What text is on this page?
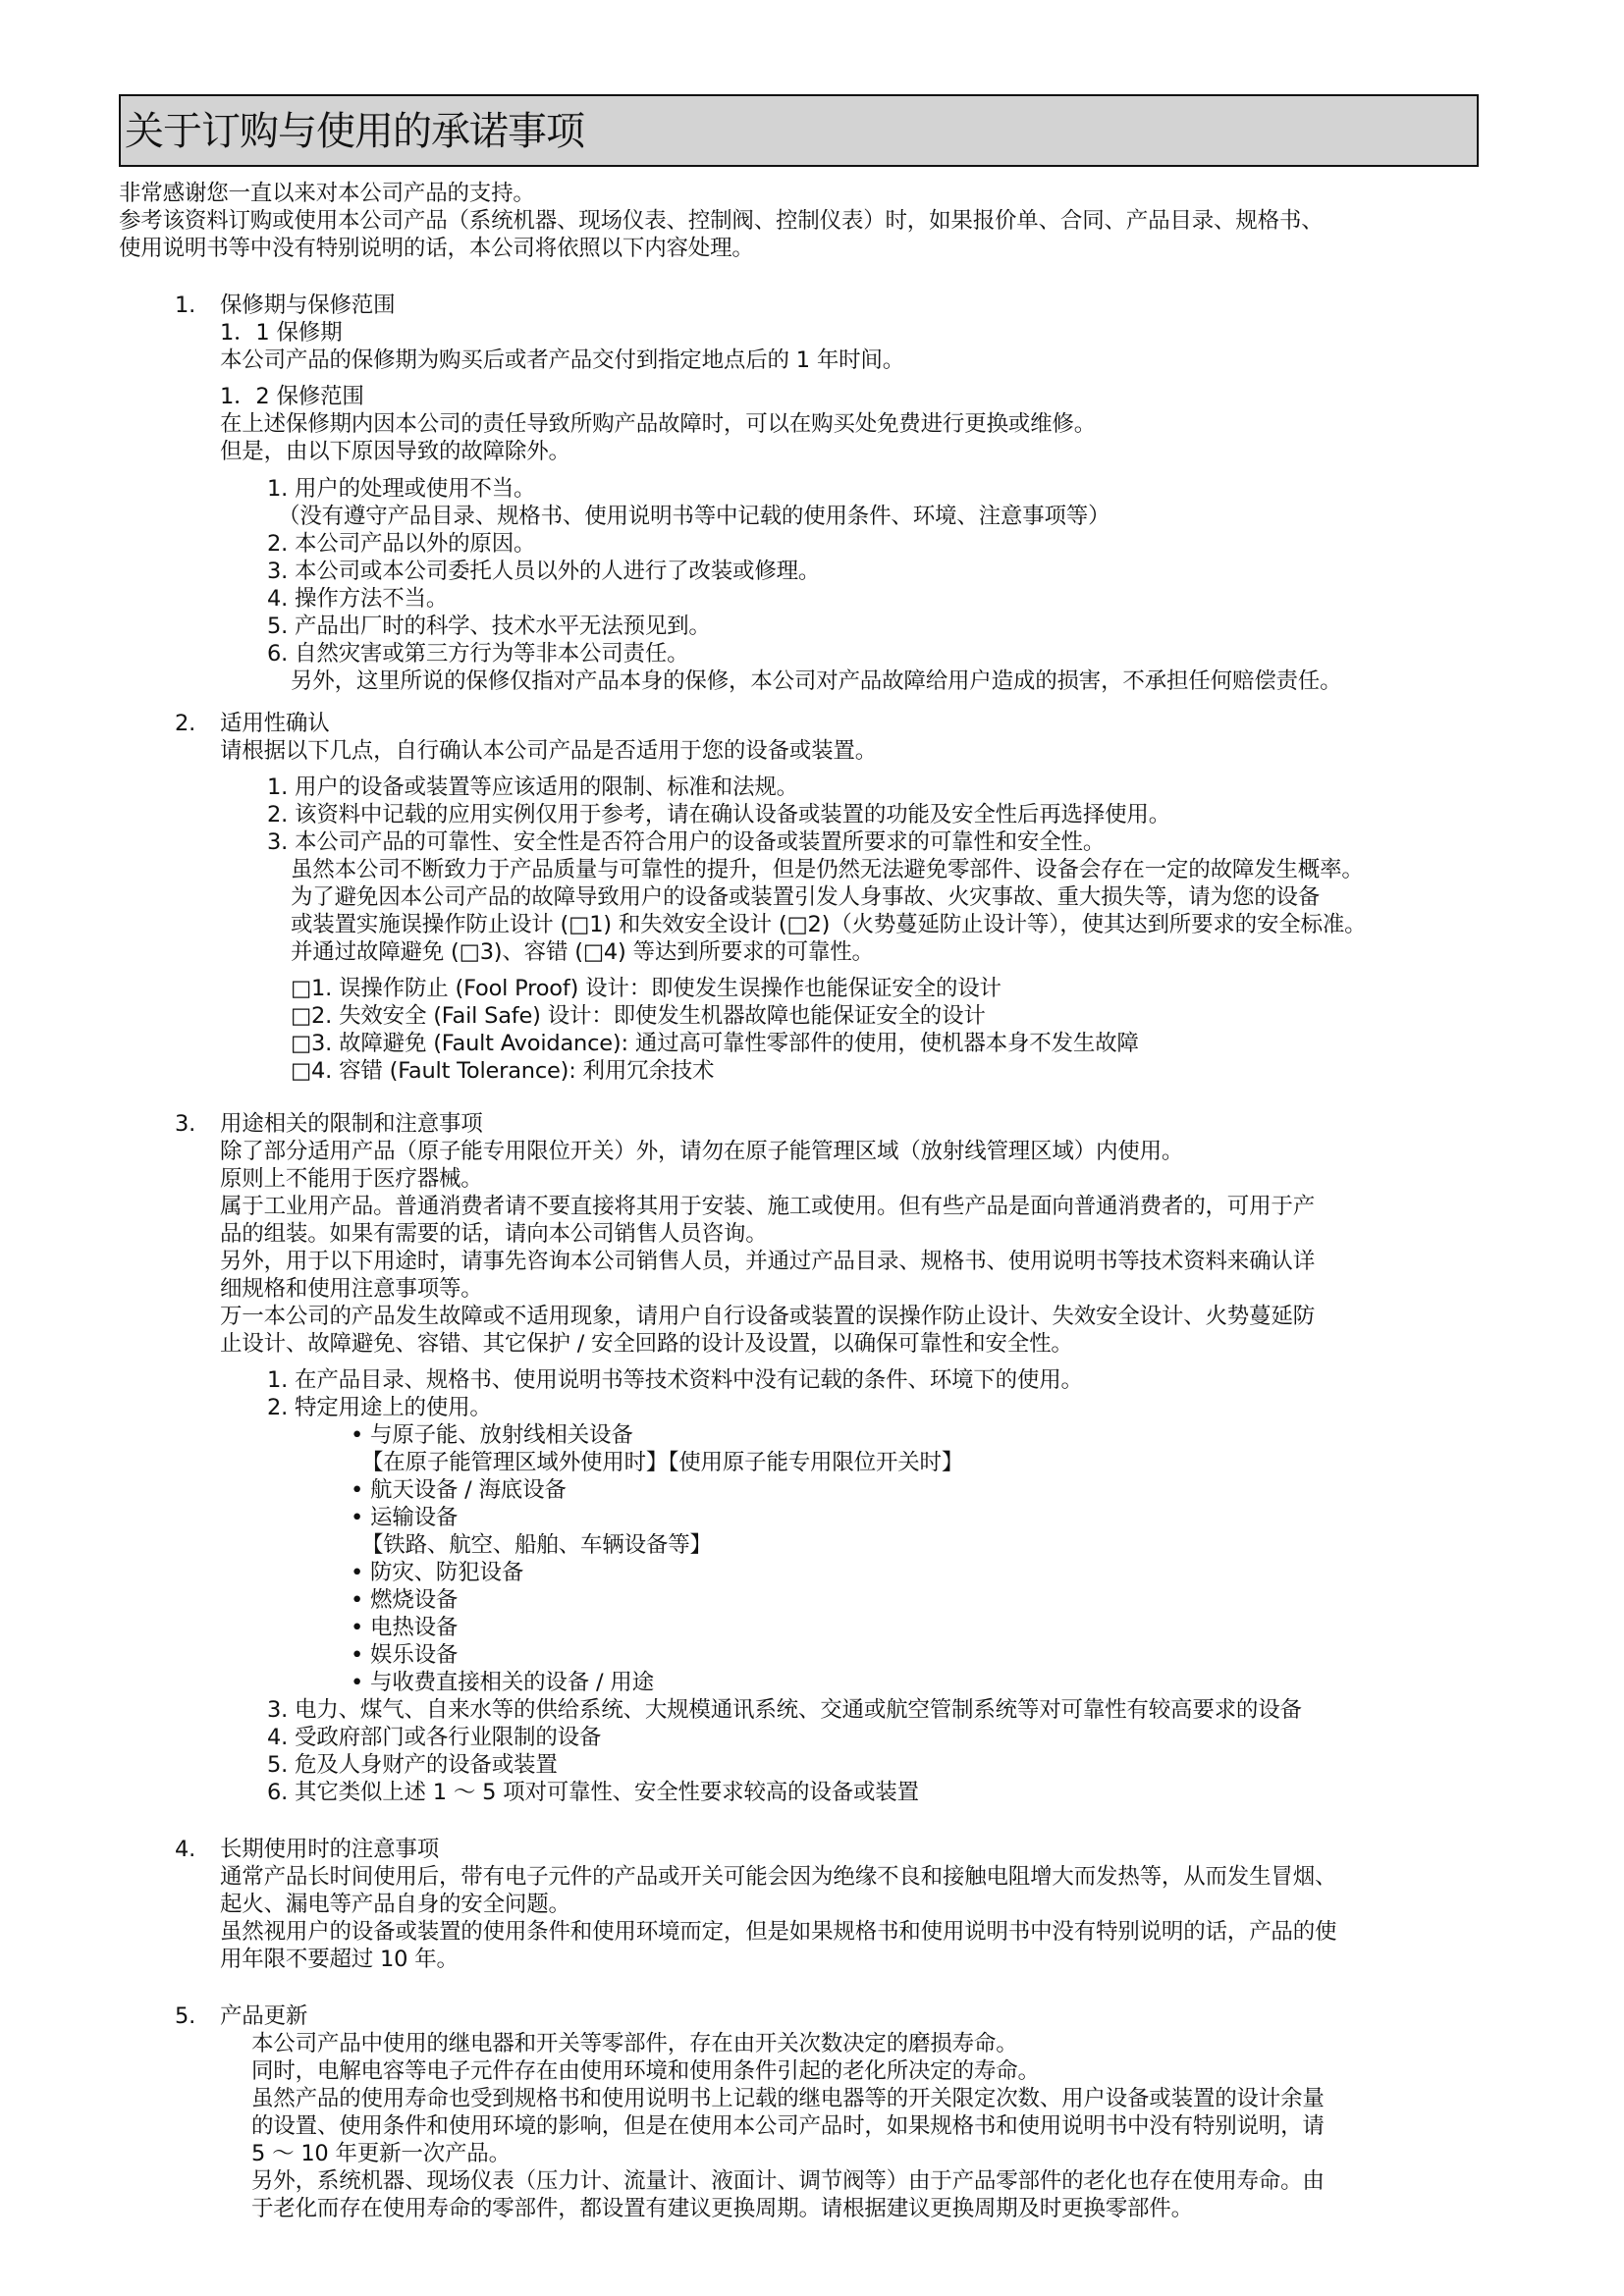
关于订购与使用的承诺事项
非常感谢您一直以来对本公司产品的支持。
参考该资料订购或使用本公司产品（系统机器、现场仪表、控制阀、控制仪表）时，如果报价单、合同、产品目录、规格书、
使用说明书等中没有特别说明的话，本公司将依照以下内容处理。
1. 保修期与保修范围
1．1 保修期
本公司产品的保修期为购买后或者产品交付到指定地点后的 1 年时间。
1．2 保修范围
在上述保修期内因本公司的责任导致所购产品故障时，可以在购买处免费进行更换或维修。
但是，由以下原因导致的故障除外。
1. 用户的处理或使用不当。
（没有遵守产品目录、规格书、使用说明书等中记载的使用条件、环境、注意事项等）
2. 本公司产品以外的原因。
3. 本公司或本公司委托人员以外的人进行了改装或修理。
4. 操作方法不当。
5. 产品出厂时的科学、技术水平无法预见到。
6. 自然灾害或第三方行为等非本公司责任。
另外，这里所说的保修仅指对产品本身的保修，本公司对产品故障给用户造成的损害，不承担任何赔偿责任。
2. 适用性确认
请根据以下几点，自行确认本公司产品是否适用于您的设备或装置。
1. 用户的设备或装置等应该适用的限制、标准和法规。
2. 该资料中记载的应用实例仅用于参考，请在确认设备或装置的功能及安全性后再选择使用。
3. 本公司产品的可靠性、安全性是否符合用户的设备或装置所要求的可靠性和安全性。
虽然本公司不断致力于产品质量与可靠性的提升，但是仍然无法避免零部件、设备会存在一定的故障发生概率。
为了避免因本公司产品的故障导致用户的设备或装置引发人身事故、火灾事故、重大损失等，请为您的设备
或装置实施误操作防止设计 (□1) 和失效安全设计 (□2)（火势蔓延防止设计等），使其达到所要求的安全标准。
并通过故障避免 (□3)、容错 (□4) 等达到所要求的可靠性。
□1. 误操作防止 (Fool Proof) 设计：即使发生误操作也能保证安全的设计
□2. 失效安全 (Fail Safe) 设计：即使发生机器故障也能保证安全的设计
□3. 故障避免 (Fault Avoidance): 通过高可靠性零部件的使用，使机器本身不发生故障
□4. 容错 (Fault Tolerance): 利用冗余技术
3. 用途相关的限制和注意事项
除了部分适用产品（原子能专用限位开关）外，请勿在原子能管理区域（放射线管理区域）内使用。
原则上不能用于医疗器械。
属于工业用产品。普通消费者请不要直接将其用于安装、施工或使用。但有些产品是面向普通消费者的，可用于产
品的组装。如果有需要的话，请向本公司销售人员咨询。
另外，用于以下用途时，请事先咨询本公司销售人员，并通过产品目录、规格书、使用说明书等技术资料来确认详
细规格和使用注意事项等。
万一本公司的产品发生故障或不适用现象，请用户自行设备或装置的误操作防止设计、失效安全设计、火势蔓延防
止设计、故障避免、容错、其它保护 / 安全回路的设计及设置，以确保可靠性和安全性。
1. 在产品目录、规格书、使用说明书等技术资料中没有记载的条件、环境下的使用。
2. 特定用途上的使用。
• 与原子能、放射线相关设备
【在原子能管理区域外使用时】【使用原子能专用限位开关时】
• 航天设备 / 海底设备
• 运输设备
【铁路、航空、船舶、车辆设备等】
• 防灾、防犯设备
• 燃烧设备
• 电热设备
• 娱乐设备
• 与收费直接相关的设备 / 用途
3. 电力、煤气、自来水等的供给系统、大规模通讯系统、交通或航空管制系统等对可靠性有较高要求的设备
4. 受政府部门或各行业限制的设备
5. 危及人身财产的设备或装置
6. 其它类似上述 1 ～ 5 项对可靠性、安全性要求较高的设备或装置
4. 长期使用时的注意事项
通常产品长时间使用后，带有电子元件的产品或开关可能会因为绝缘不良和接触电阻增大而发热等，从而发生冒烟、
起火、漏电等产品自身的安全问题。
虽然视用户的设备或装置的使用条件和使用环境而定，但是如果规格书和使用说明书中没有特别说明的话，产品的使
用年限不要超过 10 年。
5. 产品更新
本公司产品中使用的继电器和开关等零部件，存在由开关次数决定的磨损寿命。
同时，电解电容等电子元件存在由使用环境和使用条件引起的老化所决定的寿命。
虽然产品的使用寿命也受到规格书和使用说明书上记载的继电器等的开关限定次数、用户设备或装置的设计余量
的设置、使用条件和使用环境的影响，但是在使用本公司产品时，如果规格书和使用说明书中没有特别说明，请
5 ～ 10 年更新一次产品。
另外，系统机器、现场仪表（压力计、流量计、液面计、调节阀等）由于产品零部件的老化也存在使用寿命。由
于老化而存在使用寿命的零部件，都设置有建议更换周期。请根据建议更换周期及时更换零部件。
